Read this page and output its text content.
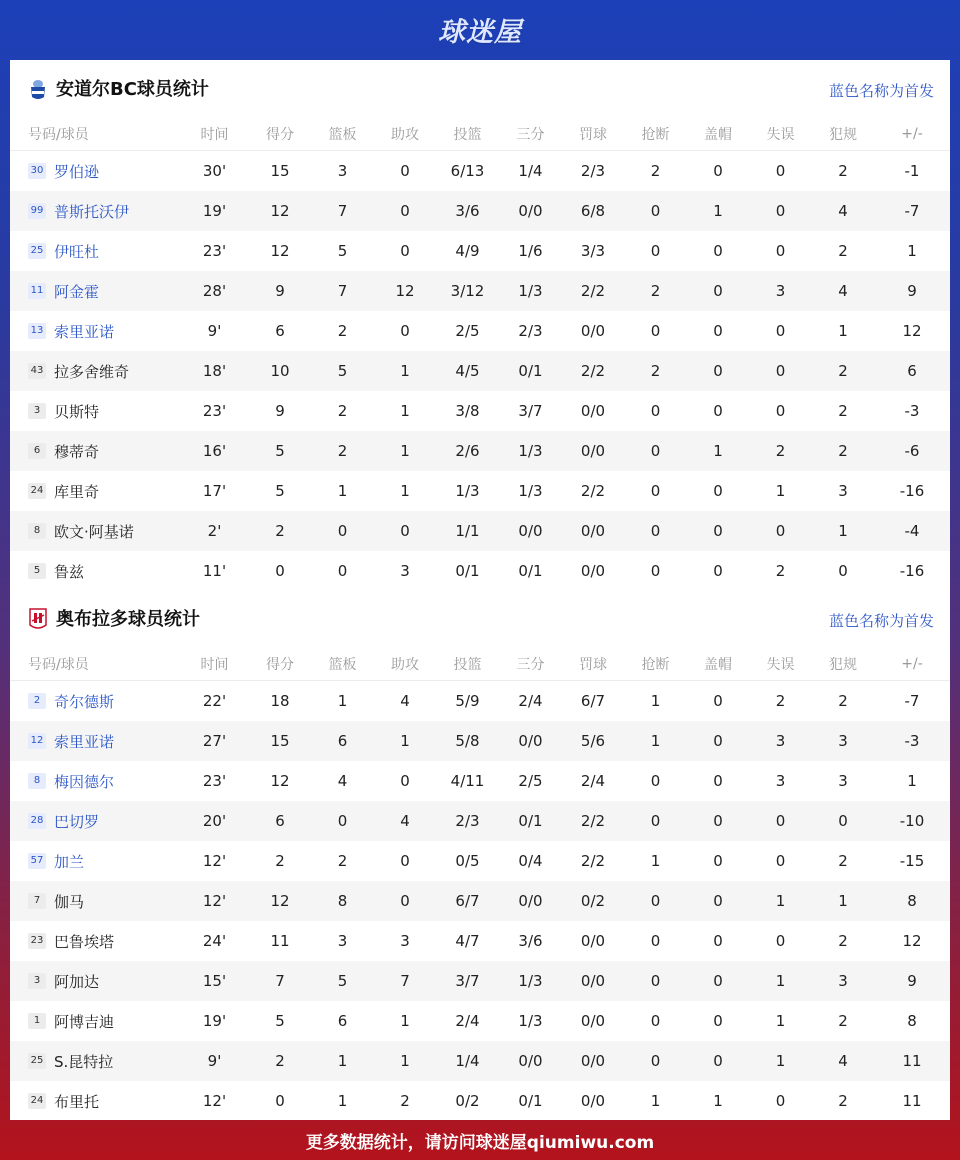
球迷屋
安道尔BC球员统计	蓝色名称为首发
号码/球员	时间	得分	篮板	助攻	投篮	三分	罚球	抢断	盖帽	失误	犯规	+/-
30 罗伯逊	30'	15	3	0	6/13	1/4	2/3	2	0	0	2	-1
99 普斯托沃伊	19'	12	7	0	3/6	0/0	6/8	0	1	0	4	-7
25 伊旺杜	23'	12	5	0	4/9	1/6	3/3	0	0	0	2	1
11 阿金霍	28'	9	7	12	3/12	1/3	2/2	2	0	3	4	9
13 索里亚诺	9'	6	2	0	2/5	2/3	0/0	0	0	0	1	12
43 拉多舍维奇	18'	10	5	1	4/5	0/1	2/2	2	0	0	2	6
3 贝斯特	23'	9	2	1	3/8	3/7	0/0	0	0	0	2	-3
6 穆蒂奇	16'	5	2	1	2/6	1/3	0/0	0	1	2	2	-6
24 库里奇	17'	5	1	1	1/3	1/3	2/2	0	0	1	3	-16
8 欧文·阿基诺	2'	2	0	0	1/1	0/0	0/0	0	0	0	1	-4
5 鲁兹	11'	0	0	3	0/1	0/1	0/0	0	0	2	0	-16
奥布拉多球员统计	蓝色名称为首发
号码/球员	时间	得分	篮板	助攻	投篮	三分	罚球	抢断	盖帽	失误	犯规	+/-
2 奇尔德斯	22'	18	1	4	5/9	2/4	6/7	1	0	2	2	-7
12 索里亚诺	27'	15	6	1	5/8	0/0	5/6	1	0	3	3	-3
8 梅因德尔	23'	12	4	0	4/11	2/5	2/4	0	0	3	3	1
28 巴切罗	20'	6	0	4	2/3	0/1	2/2	0	0	0	0	-10
57 加兰	12'	2	2	0	0/5	0/4	2/2	1	0	0	2	-15
7 伽马	12'	12	8	0	6/7	0/0	0/2	0	0	1	1	8
23 巴鲁埃塔	24'	11	3	3	4/7	3/6	0/0	0	0	0	2	12
3 阿加达	15'	7	5	7	3/7	1/3	0/0	0	0	1	3	9
1 阿博吉迪	19'	5	6	1	2/4	1/3	0/0	0	0	1	2	8
25 S.昆特拉	9'	2	1	1	1/4	0/0	0/0	0	0	1	4	11
24 布里托	12'	0	1	2	0/2	0/1	0/0	1	1	0	2	11
更多数据统计，请访问球迷屋qiumiwu.com
